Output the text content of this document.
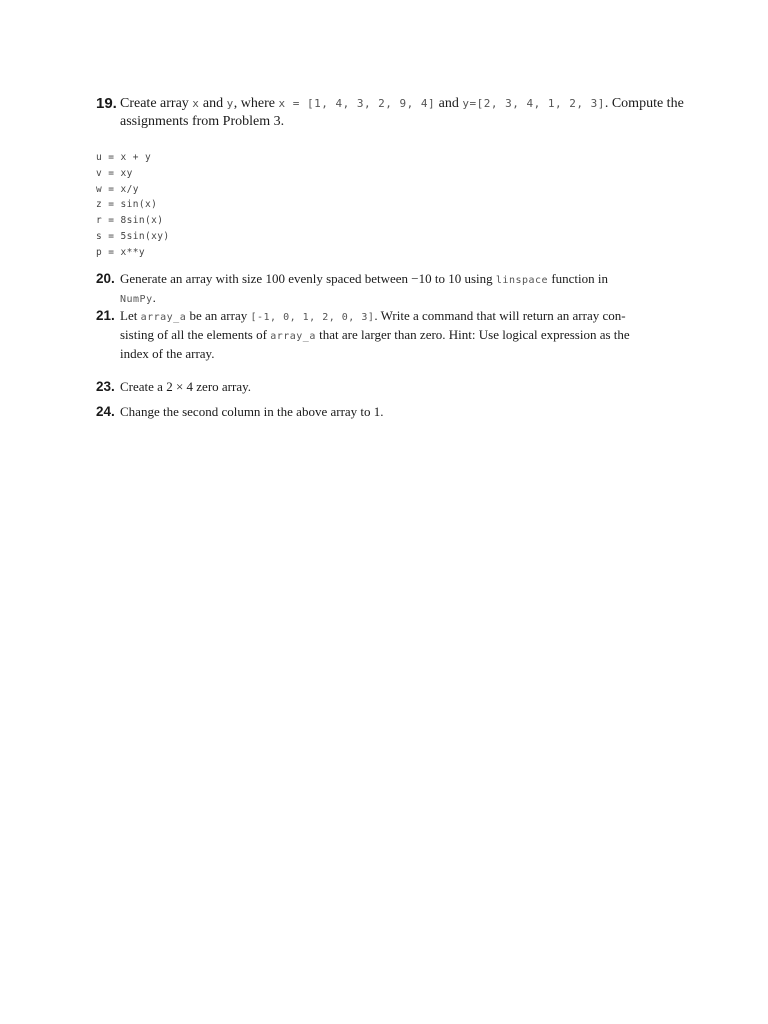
19. Create array x and y, where x = [1, 4, 3, 2, 9, 4] and y=[2, 3, 4, 1, 2, 3]. Compute the
assignments from Problem 3.
u = x + y
v = xy
w = x/y
z = sin(x)
r = 8sin(x)
s = 5sin(xy)
p = x**y
20. Generate an array with size 100 evenly spaced between −10 to 10 using linspace function in
NumPy.
21. Let array_a be an array [-1, 0, 1, 2, 0, 3]. Write a command that will return an array con-
sisting of all the elements of array_a that are larger than zero. Hint: Use logical expression as the
index of the array.
23. Create a 2 × 4 zero array.
24. Change the second column in the above array to 1.
